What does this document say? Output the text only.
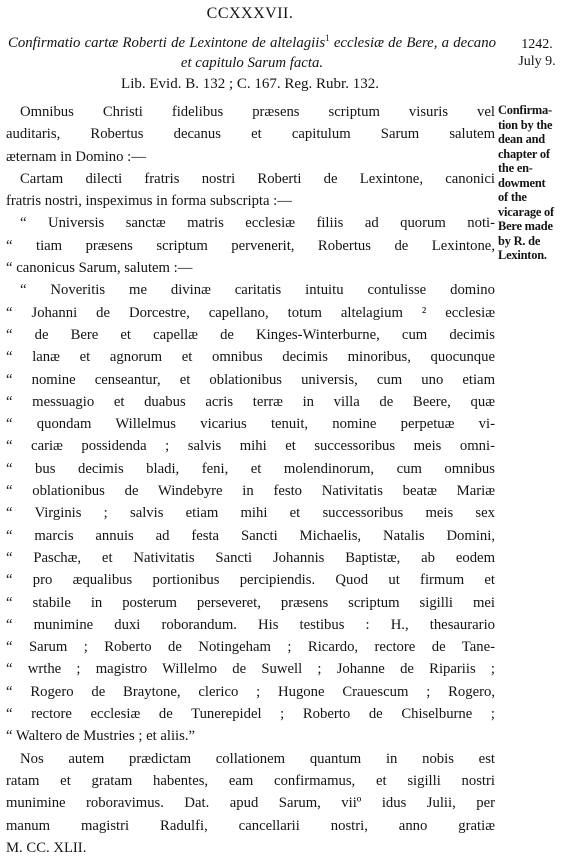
CCXXXVII.
Confirmatio cartæ Roberti de Lexintone de altelagiis$^1$ ecclesiæ de Bere, a decano et capitulo Sarum facta.
1242.
July 9.
Lib. Evid. B. 132 ; C. 167. Reg. Rubr. 132.
Omnibus Christi fidelibus præsens scriptum visuris vel
auditaris, Robertus decanus et capitulum Sarum salutem
æternam in Domino :—
Cartam dilecti fratris nostri Roberti de Lexintone, canonici
fratris nostri, inspeximus in forma subscripta :—
“ Universis sanctæ matris ecclesiæ filiis ad quorum noti-
“ tiam præsens scriptum pervenerit, Robertus de Lexintone,
“ canonicus Sarum, salutem :—
“ Noveritis me divinæ caritatis intuitu contulisse domino
“ Johanni de Dorcestre, capellano, totum altelagium ² ecclesiæ
“ de Bere et capellæ de Kinges-Winterburne, cum decimis
“ lanæ et agnorum et omnibus decimis minoribus, quocunque
“ nomine censeantur, et oblationibus universis, cum uno etiam
“ messuagio et duabus acris terræ in villa de Beere, quæ
“ quondam Willelmus vicarius tenuit, nomine perpetuæ vi-
“ cariæ possidenda ; salvis mihi et successoribus meis omni-
“ bus decimis bladi, feni, et molendinorum, cum omnibus
“ oblationibus de Windebyre in festo Nativitatis beatæ Mariæ
“ Virginis ; salvis etiam mihi et successoribus meis sex
“ marcis annuis ad festa Sancti Michaelis, Natalis Domini,
“ Paschæ, et Nativitatis Sancti Johannis Baptistæ, ab eodem
“ pro æqualibus portionibus percipiendis. Quod ut firmum et
“ stabile in posterum perseveret, præsens scriptum sigilli mei
“ munimine duxi roborandum. His testibus : H., thesaurario
“ Sarum ; Roberto de Notingeham ; Ricardo, rectore de Tane-
“ wrthe ; magistro Willelmo de Suwell ; Johanne de Ripariis ;
“ Rogero de Braytone, clerico ; Hugone Crauescum ; Rogero,
“ rectore ecclesiæ de Tunerepidel ; Roberto de Chiselburne ;
“ Waltero de Mustries ; et aliis.”
Nos autem prædictam collationem quantum in nobis est
ratam et gratam habentes, eam confirmamus, et sigilli nostri
munimine roboravimus. Dat. apud Sarum, viiº idus Julii, per
manum magistri Radulfi, cancellarii nostri, anno gratiæ
M. CC. XLII.
Confirma-
tion by the
dean and
chapter of
the en-
dowment
of the
vicarage of
Bere made
by R. de
Lexinton.
